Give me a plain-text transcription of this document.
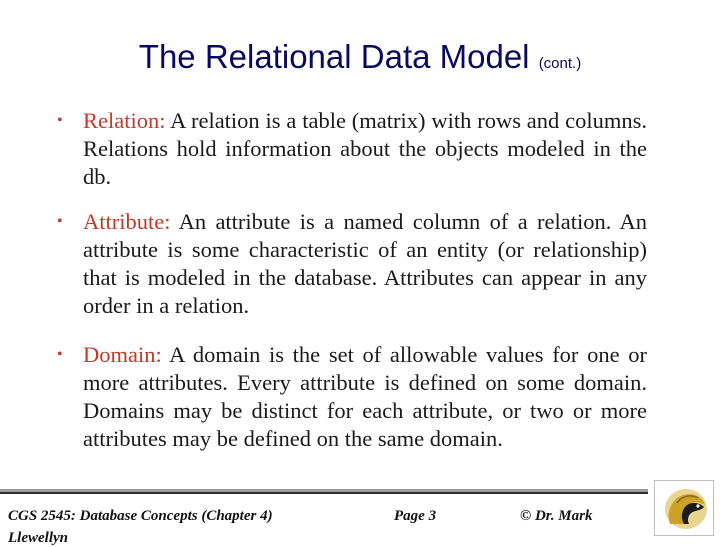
The Relational Data Model (cont.)
• Relation: A relation is a table (matrix) with rows and columns. Relations hold information about the objects modeled in the db.
• Attribute: An attribute is a named column of a relation. An attribute is some characteristic of an entity (or relationship) that is modeled in the database. Attributes can appear in any order in a relation.
• Domain: A domain is the set of allowable values for one or more attributes. Every attribute is defined on some domain. Domains may be distinct for each attribute, or two or more attributes may be defined on the same domain.
CGS 2545: Database Concepts (Chapter 4)	Page 3	© Dr. Mark
Llewellyn
